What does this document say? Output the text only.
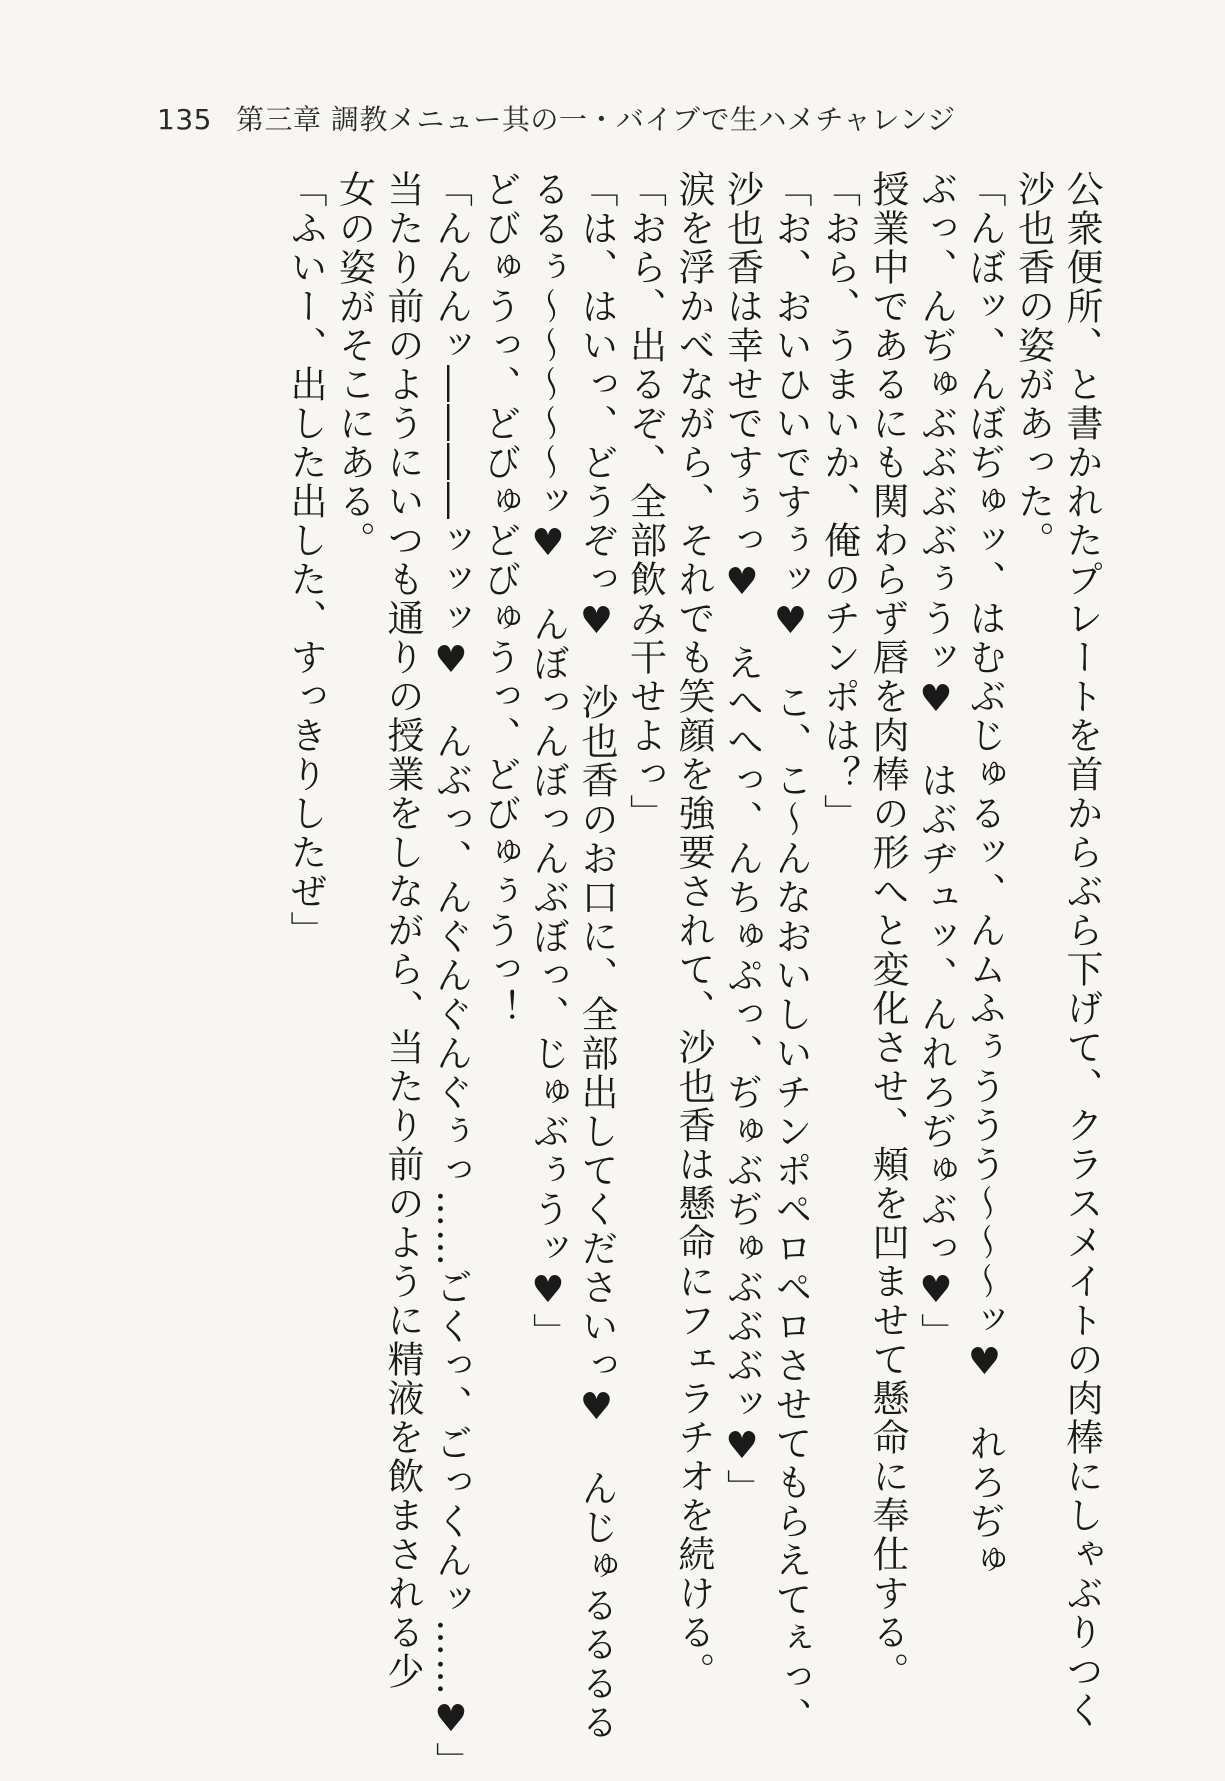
135 第三章 調教メニュー其の一・バイブで生ハメチャレンジ
公衆便所、と書かれたプレートを首からぶら下げて、クラスメイトの肉棒にしゃぶりつく
沙也香の姿があった。
「んぼッ、んぼぢゅッ、はむぶじゅるッ、んムふぅううう〜〜〜ッ♥　れろぢゅ
ぶっ、んぢゅぶぶぶぶぅうッ♥　はぶヂュッ、んれろぢゅぶっ♥」
授業中であるにも関わらず唇を肉棒の形へと変化させ、頬を凹ませて懸命に奉仕する。
「おら、うまいか、俺のチンポは？」
「お、おいひいですぅッ♥　こ、こ〜んなおいしいチンポペロペロさせてもらえてぇっ、
沙也香は幸せですぅっ♥　えへへっ、んちゅぷっ、ぢゅぶぢゅぶぶぶッ♥」
涙を浮かべながら、それでも笑顔を強要されて、沙也香は懸命にフェラチオを続ける。
「おら、出るぞ、全部飲み干せよっ」
「は、はいっ、どうぞっ♥　沙也香のお口に、全部出してくださいっ♥　んじゅるるるる
るるぅ〜〜〜〜〜ッ♥　んぼっんぼっんぶぼっ、じゅぶぅうッ♥」
どびゅうっ、どびゅどびゅうっ、どびゅぅうっ！
「んんんッ――――ッッッ♥　んぶっ、んぐんぐんぐぅっ……ごくっ、ごっくんッ……♥」
当たり前のようにいつも通りの授業をしながら、当たり前のように精液を飲まされる少
女の姿がそこにある。
「ふいー、出した出した、すっきりしたぜ」
